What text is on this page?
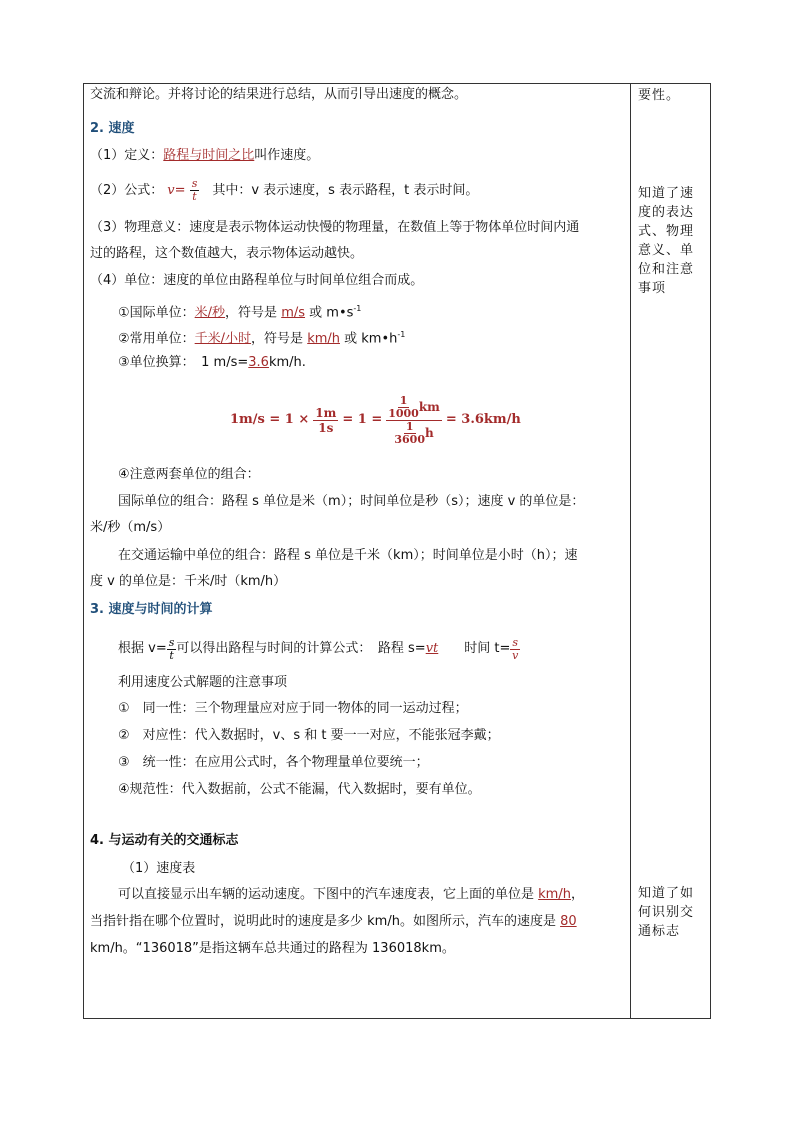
交流和辩论。并将讨论的结果进行总结，从而引导出速度的概念。
2. 速度
（1）定义：路程与时间之比叫作速度。
（2）公式： $v= \frac{s}{t}$
　 其中：v 表示速度，s 表示路程，t 表示时间。
（3）物理意义：速度是表示物体运动快慢的物理量，在数值上等于物体单位时间内通
过的路程，这个数值越大，表示物体运动越快。
（4）单位：速度的单位由路程单位与时间单位组合而成。
①国际单位：米/秒，符号是 m/s 或 $m•s^{-1}$
②常用单位：千米/小时，符号是 km/h 或 $km•h^{-1}$
③单位换算：　1 m/s=3.6km/h.
$1m/s = 1 \times \frac{1m}{1s} = 1 = \frac{\frac{1}{1000} km}{\frac{1}{3600} h} = 3.6km/h$
④注意两套单位的组合：
国际单位的组合：路程 s 单位是米（m）；时间单位是秒（s）；速度 v 的单位是：
米/秒（m/s）
在交通运输中单位的组合：路程 s 单位是千米（km）；时间单位是小时（h）；速
度 v 的单位是：千米/时（km/h）
3. 速度与时间的计算
根据 $v= \frac{s}{t}$ 可以得出路程与时间的计算公式：　路程 s= vt 　　时间 $t= \frac{s}{v}$
利用速度公式解题的注意事项
①　同一性：三个物理量应对应于同一物体的同一运动过程；
②　对应性：代入数据时，v、s 和 t 要一一对应，不能张冠李戴；
③　统一性：在应用公式时，各个物理量单位要统一；
④规范性：代入数据前，公式不能漏，代入数据时，要有单位。
4. 与运动有关的交通标志
（1）速度表
可以直接显示出车辆的运动速度。下图中的汽车速度表，它上面的单位是 km/h，
当指针指在哪个位置时，说明此时的速度是多少 km/h。如图所示，汽车的速度是 80
km/h。“136018”是指这辆车总共通过的路程为 136018km。
要性。
知道了速度的表达式、物理意义、单位和注意事项
知道了如何识别交通标志
